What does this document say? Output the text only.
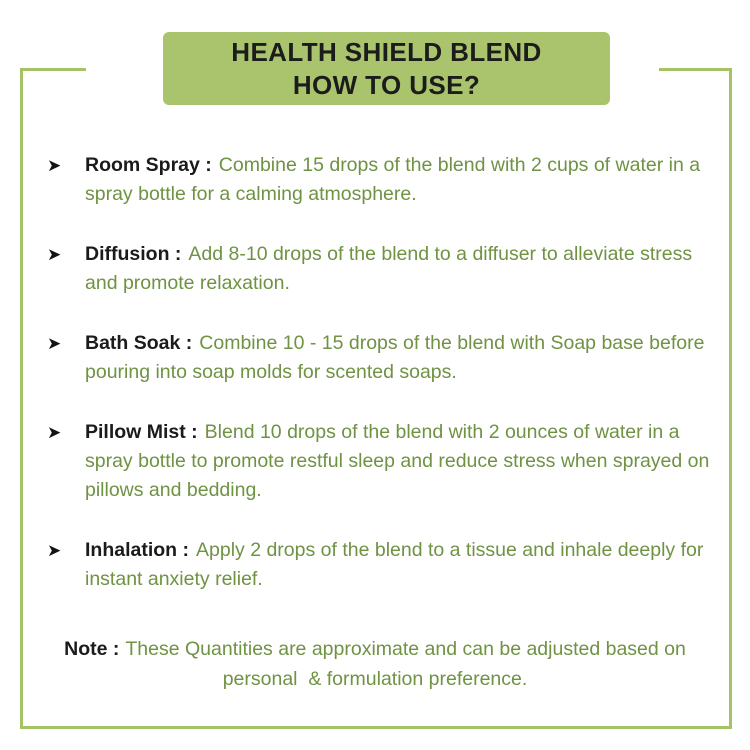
HEALTH SHIELD BLEND
HOW TO USE?
➤	Room Spray : Combine 15 drops of the blend with 2 cups of water in a spray bottle for a calming atmosphere.
➤	Diffusion : Add 8-10 drops of the blend to a diffuser to alleviate stress and promote relaxation.
➤	Bath Soak : Combine 10 - 15 drops of the blend with Soap base before pouring into soap molds for scented soaps.
➤	Pillow Mist : Blend 10 drops of the blend with 2 ounces of water in a spray bottle to promote restful sleep and reduce stress when sprayed on pillows and bedding.
➤	Inhalation : Apply 2 drops of the blend to a tissue and inhale deeply for instant anxiety relief.
Note : These Quantities are approximate and can be adjusted based on personal  & formulation preference.
